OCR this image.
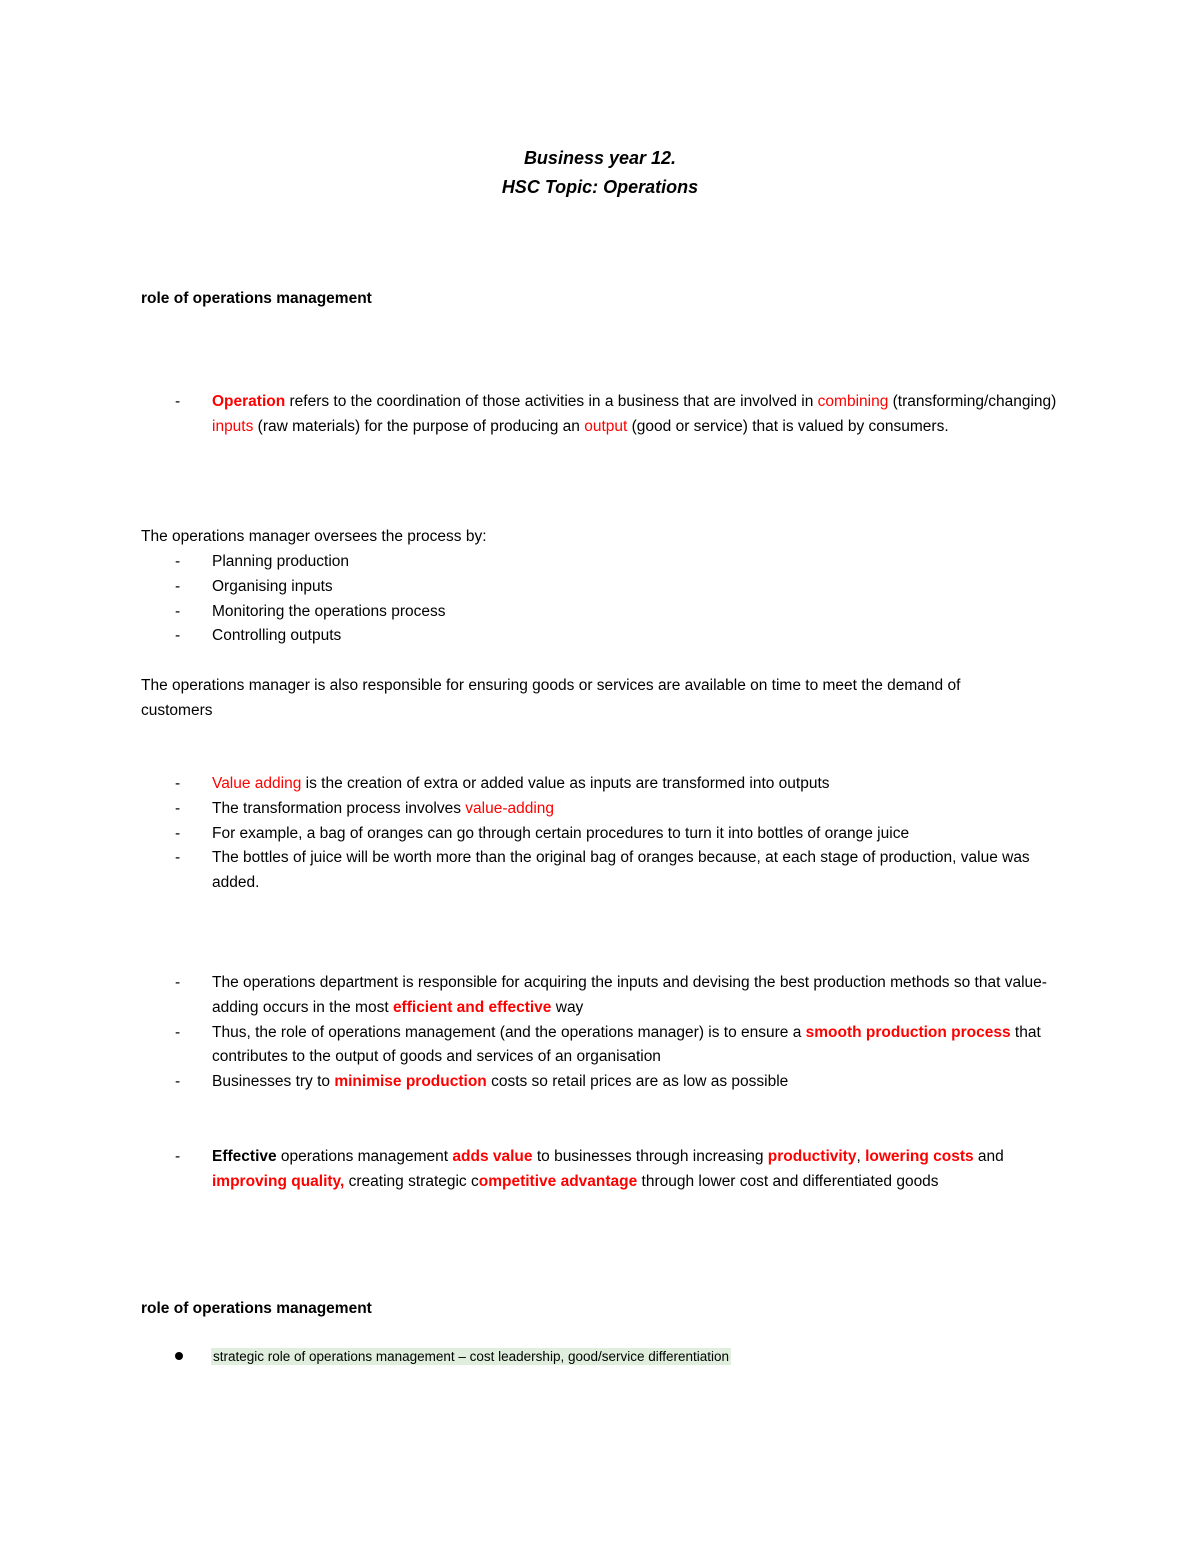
Business year 12.
HSC Topic: Operations
role of operations management
- Operation refers to the coordination of those activities in a business that are involved in combining (transforming/changing) inputs (raw materials) for the purpose of producing an output (good or service) that is valued by consumers.
The operations manager oversees the process by:
- Planning production
- Organising inputs
- Monitoring the operations process
- Controlling outputs
The operations manager is also responsible for ensuring goods or services are available on time to meet the demand of customers
- Value adding is the creation of extra or added value as inputs are transformed into outputs
- The transformation process involves value-adding
- For example, a bag of oranges can go through certain procedures to turn it into bottles of orange juice
- The bottles of juice will be worth more than the original bag of oranges because, at each stage of production, value was added.
- The operations department is responsible for acquiring the inputs and devising the best production methods so that value-adding occurs in the most efficient and effective way
- Thus, the role of operations management (and the operations manager) is to ensure a smooth production process that contributes to the output of goods and services of an organisation
- Businesses try to minimise production costs so retail prices are as low as possible
- Effective operations management adds value to businesses through increasing productivity, lowering costs and improving quality, creating strategic competitive advantage through lower cost and differentiated goods
role of operations management
strategic role of operations management – cost leadership, good/service differentiation
